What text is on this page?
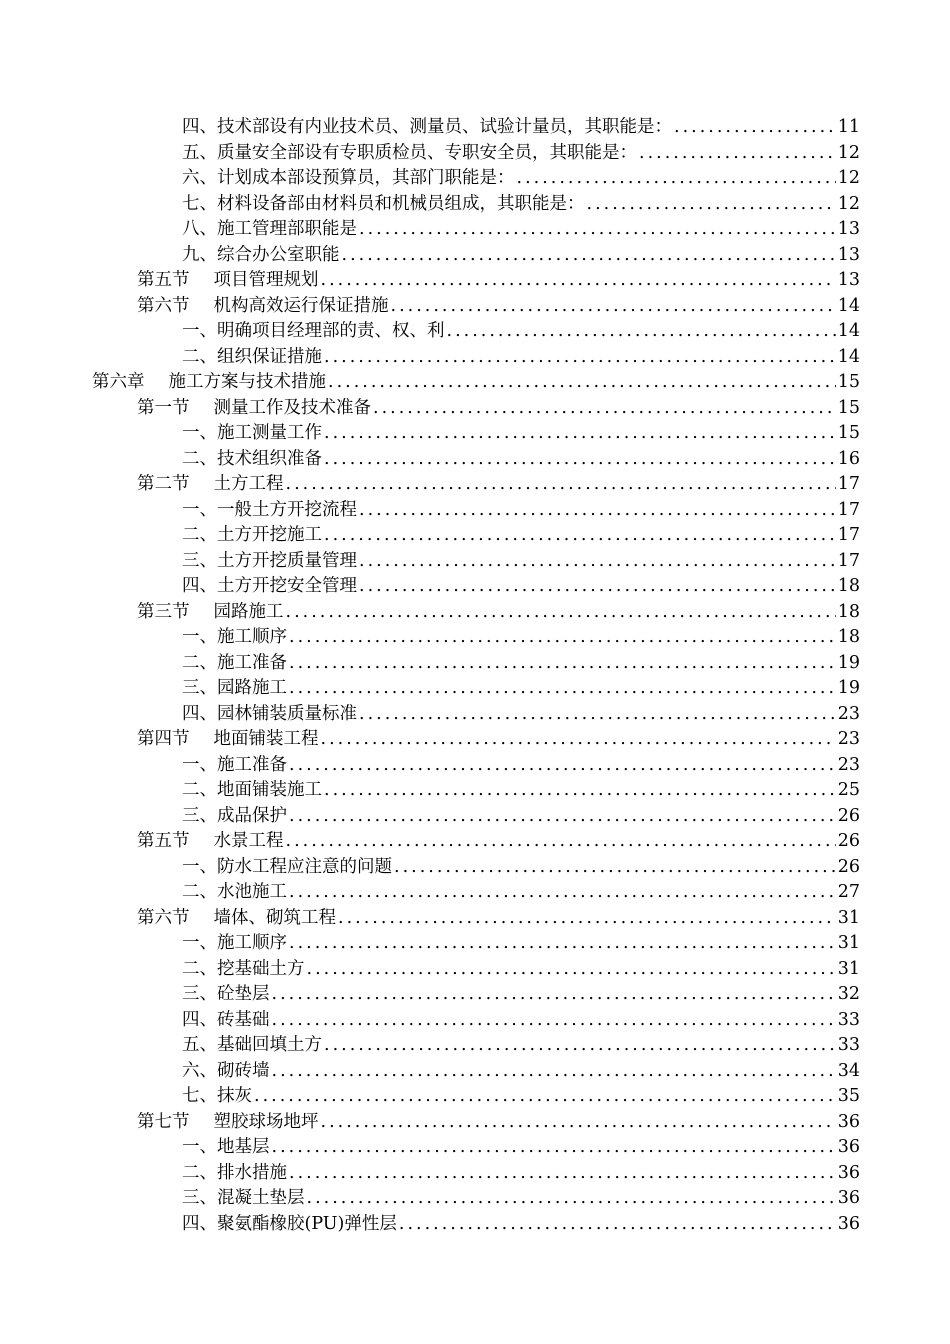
四、技术部设有内业技术员、测量员、试验计量员，其职能是： .....	11
五、质量安全部设有专职质检员、专职安全员，其职能是： .....	12
六、计划成本部设预算员，其部门职能是： .....	12
七、材料设备部由材料员和机械员组成，其职能是： .....	12
八、施工管理部职能是 .....	13
九、综合办公室职能 .....	13
第五节 项目管理规划 .....	13
第六节 机构高效运行保证措施 .....	14
一、明确项目经理部的责、权、利 .....	14
二、组织保证措施 .....	14
第六章 施工方案与技术措施 .....	15
第一节 测量工作及技术准备 .....	15
一、施工测量工作 .....	15
二、技术组织准备 .....	16
第二节 土方工程 .....	17
一、一般土方开挖流程 .....	17
二、土方开挖施工 .....	17
三、土方开挖质量管理 .....	17
四、土方开挖安全管理 .....	18
第三节 园路施工 .....	18
一、施工顺序 .....	18
二、施工准备 .....	19
三、园路施工 .....	19
四、园林铺装质量标准 .....	23
第四节 地面铺装工程 .....	23
一、施工准备 .....	23
二、地面铺装施工 .....	25
三、成品保护 .....	26
第五节 水景工程 .....	26
一、防水工程应注意的问题 .....	26
二、水池施工 .....	27
第六节 墙体、砌筑工程 .....	31
一、施工顺序 .....	31
二、挖基础土方 .....	31
三、砼垫层 .....	32
四、砖基础 .....	33
五、基础回填土方 .....	33
六、砌砖墙 .....	34
七、抹灰 .....	35
第七节 塑胶球场地坪 .....	36
一、地基层 .....	36
二、排水措施 .....	36
三、混凝土垫层 .....	36
四、聚氨酯橡胶(PU)弹性层 .....	36
